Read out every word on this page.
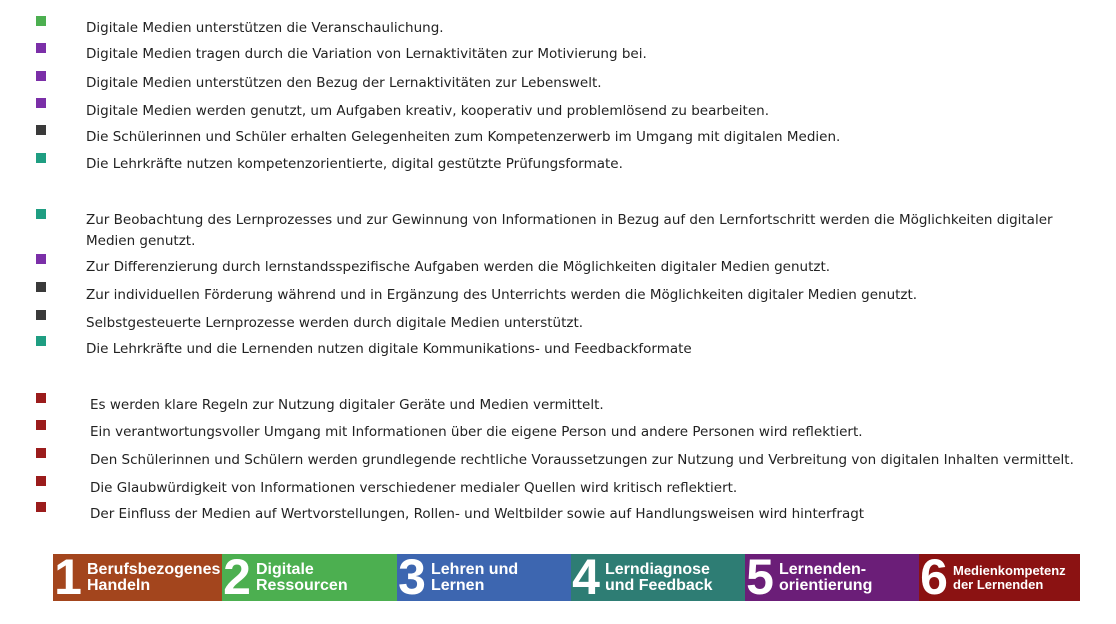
Digitale Medien unterstützen die Veranschaulichung.
Digitale Medien tragen durch die Variation von Lernaktivitäten zur Motivierung bei.
Digitale Medien unterstützen den Bezug der Lernaktivitäten zur Lebenswelt.
Digitale Medien werden genutzt, um Aufgaben kreativ, kooperativ und problemlösend zu bearbeiten.
Die Schülerinnen und Schüler erhalten Gelegenheiten zum Kompetenzerwerb im Umgang mit digitalen Medien.
Die Lehrkräfte nutzen kompetenzorientierte, digital gestützte Prüfungsformate.
Zur Beobachtung des Lernprozesses und zur Gewinnung von Informationen in Bezug auf den Lernfortschritt werden die Möglichkeiten digitaler Medien genutzt.
Zur Differenzierung durch lernstandsspezifische Aufgaben werden die Möglichkeiten digitaler Medien genutzt.
Zur individuellen Förderung während und in Ergänzung des Unterrichts werden die Möglichkeiten digitaler Medien genutzt.
Selbstgesteuerte Lernprozesse werden durch digitale Medien unterstützt.
Die Lehrkräfte und die Lernenden nutzen digitale Kommunikations- und Feedbackformate
Es werden klare Regeln zur Nutzung digitaler Geräte und Medien vermittelt.
Ein verantwortungsvoller Umgang mit Informationen über die eigene Person und andere Personen wird reflektiert.
Den Schülerinnen und Schülern werden grundlegende rechtliche Voraussetzungen zur Nutzung und Verbreitung von digitalen Inhalten vermittelt.
Die Glaubwürdigkeit von Informationen verschiedener medialer Quellen wird kritisch reflektiert.
Der Einfluss der Medien auf Wertvorstellungen, Rollen- und Weltbilder sowie auf Handlungsweisen wird hinterfragt
1 Berufsbezogenes
Handeln	2 Digitale
Ressourcen 3 Lehren und
Lernen	4 Lerndiagnose
und Feedback 5 Lernenden-
orientierung 6 Medienkompetenz
der Lernenden
